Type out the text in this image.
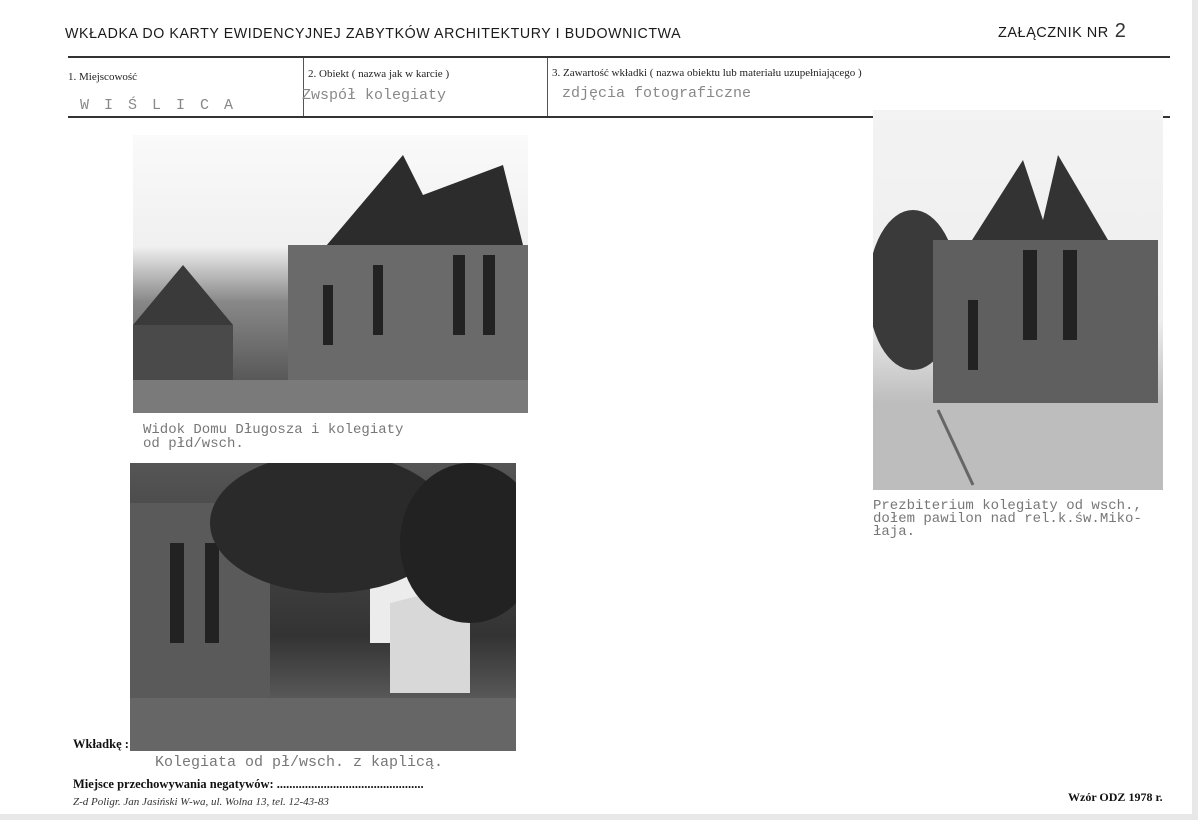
WKŁADKA DO KARTY EWIDENCYJNEJ ZABYTKÓW ARCHITEKTURY I BUDOWNICTWA	ZAŁĄCZNIK NR 2
1. Miejscowość
W I Ś L I C A
2. Obiekt ( nazwa jak w karcie )
Zwspół kolegiaty
3. Zawartość wkładki ( nazwa obiektu lub materiału uzupełniającego )
zdjęcia fotograficzne
Widok Domu Długosza i kolegiaty
od płd/wsch.
Wkładkę :
Kolegiata od pł/wsch. z kaplicą.
Prezbiterium kolegiaty od wsch.,
dołem pawilon nad rel.k.św.Miko-
łaja.
Miejsce przechowywania negatywów: ...............................................
Z-d Poligr. Jan Jasiński W-wa, ul. Wolna 13, tel. 12-43-83	Wzór ODZ 1978 r.
